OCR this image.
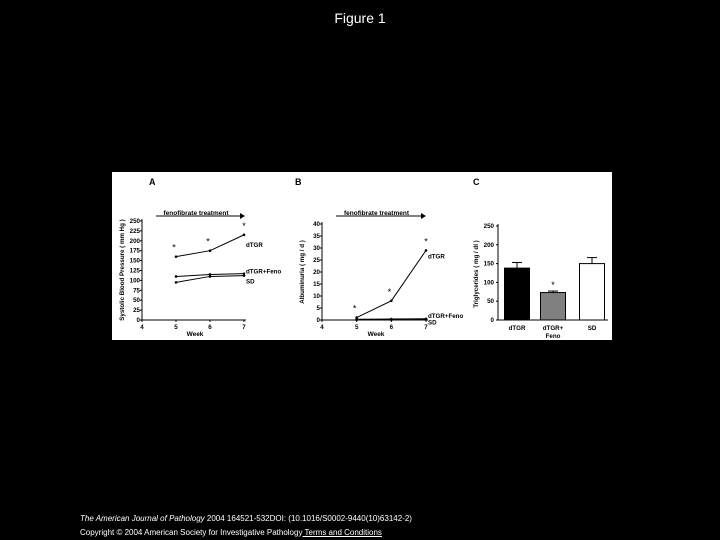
Figure 1
A
fenofibrate treatment
0
25
50
75
100
125
150
175
200
225
250
4	5	6	7
Week
Systolic Blood Pressure ( mm Hg )	*
*
*
dTGR
dTGR+Feno
SD
B
fenofibrate treatment
0
5
10
15
20
25
30
35
40
4	5	6	7
Week
Albuminuria ( mg / d )
*
*
*
dTGR
dTGR+Feno
SD
C
0
50
100
150
200
250
Triglycerides ( mg / dl )
dTGR
*
dTGR+
Feno
SD
The American Journal of Pathology 2004 164521-532DOI: (10.1016/S0002-9440(10)63142-2)
Copyright © 2004 American Society for Investigative Pathology Terms and Conditions
